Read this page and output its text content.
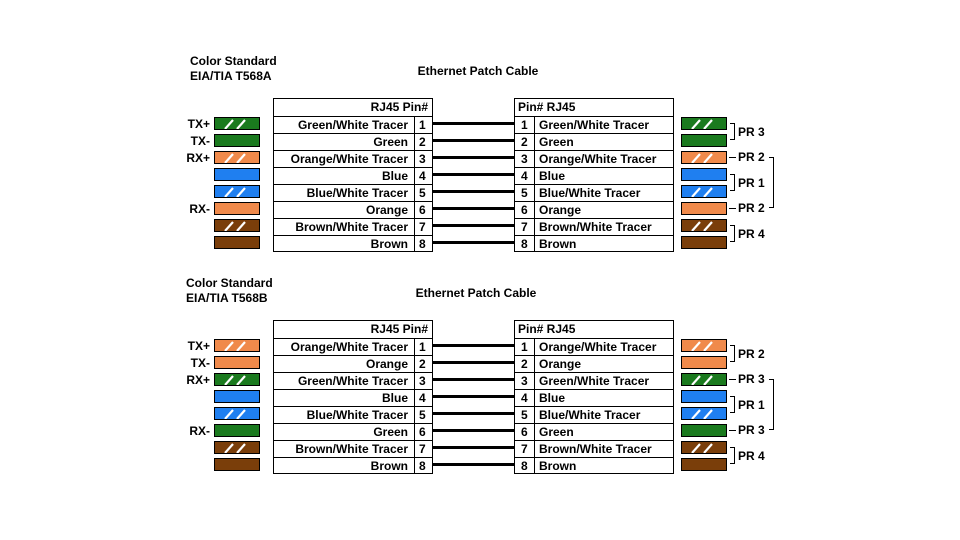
Color Standard
EIA/TIA T568A	Ethernet Patch Cable
TX+
TX-
RX+
RX-
RJ45 Pin#
Green/White Tracer 1
Green 2
Orange/White Tracer 3
Blue 4
Blue/White Tracer 5
Orange 6
Brown/White Tracer 7
Brown 8
Pin# RJ45
1 Green/White Tracer
2 Green
3 Orange/White Tracer
4 Blue
5 Blue/White Tracer
6 Orange
7 Brown/White Tracer
8 Brown
PR 3
PR 2
PR 1
PR 2
PR 4
Color Standard
EIA/TIA T568B	Ethernet Patch Cable
TX+
TX-
RX+
RX-
RJ45 Pin#
Orange/White Tracer 1
Orange 2
Green/White Tracer 3
Blue 4
Blue/White Tracer 5
Green 6
Brown/White Tracer 7
Brown 8
Pin# RJ45
1 Orange/White Tracer
2 Orange
3 Green/White Tracer
4 Blue
5 Blue/White Tracer
6 Green
7 Brown/White Tracer
8 Brown
PR 2
PR 3
PR 1
PR 3
PR 4
